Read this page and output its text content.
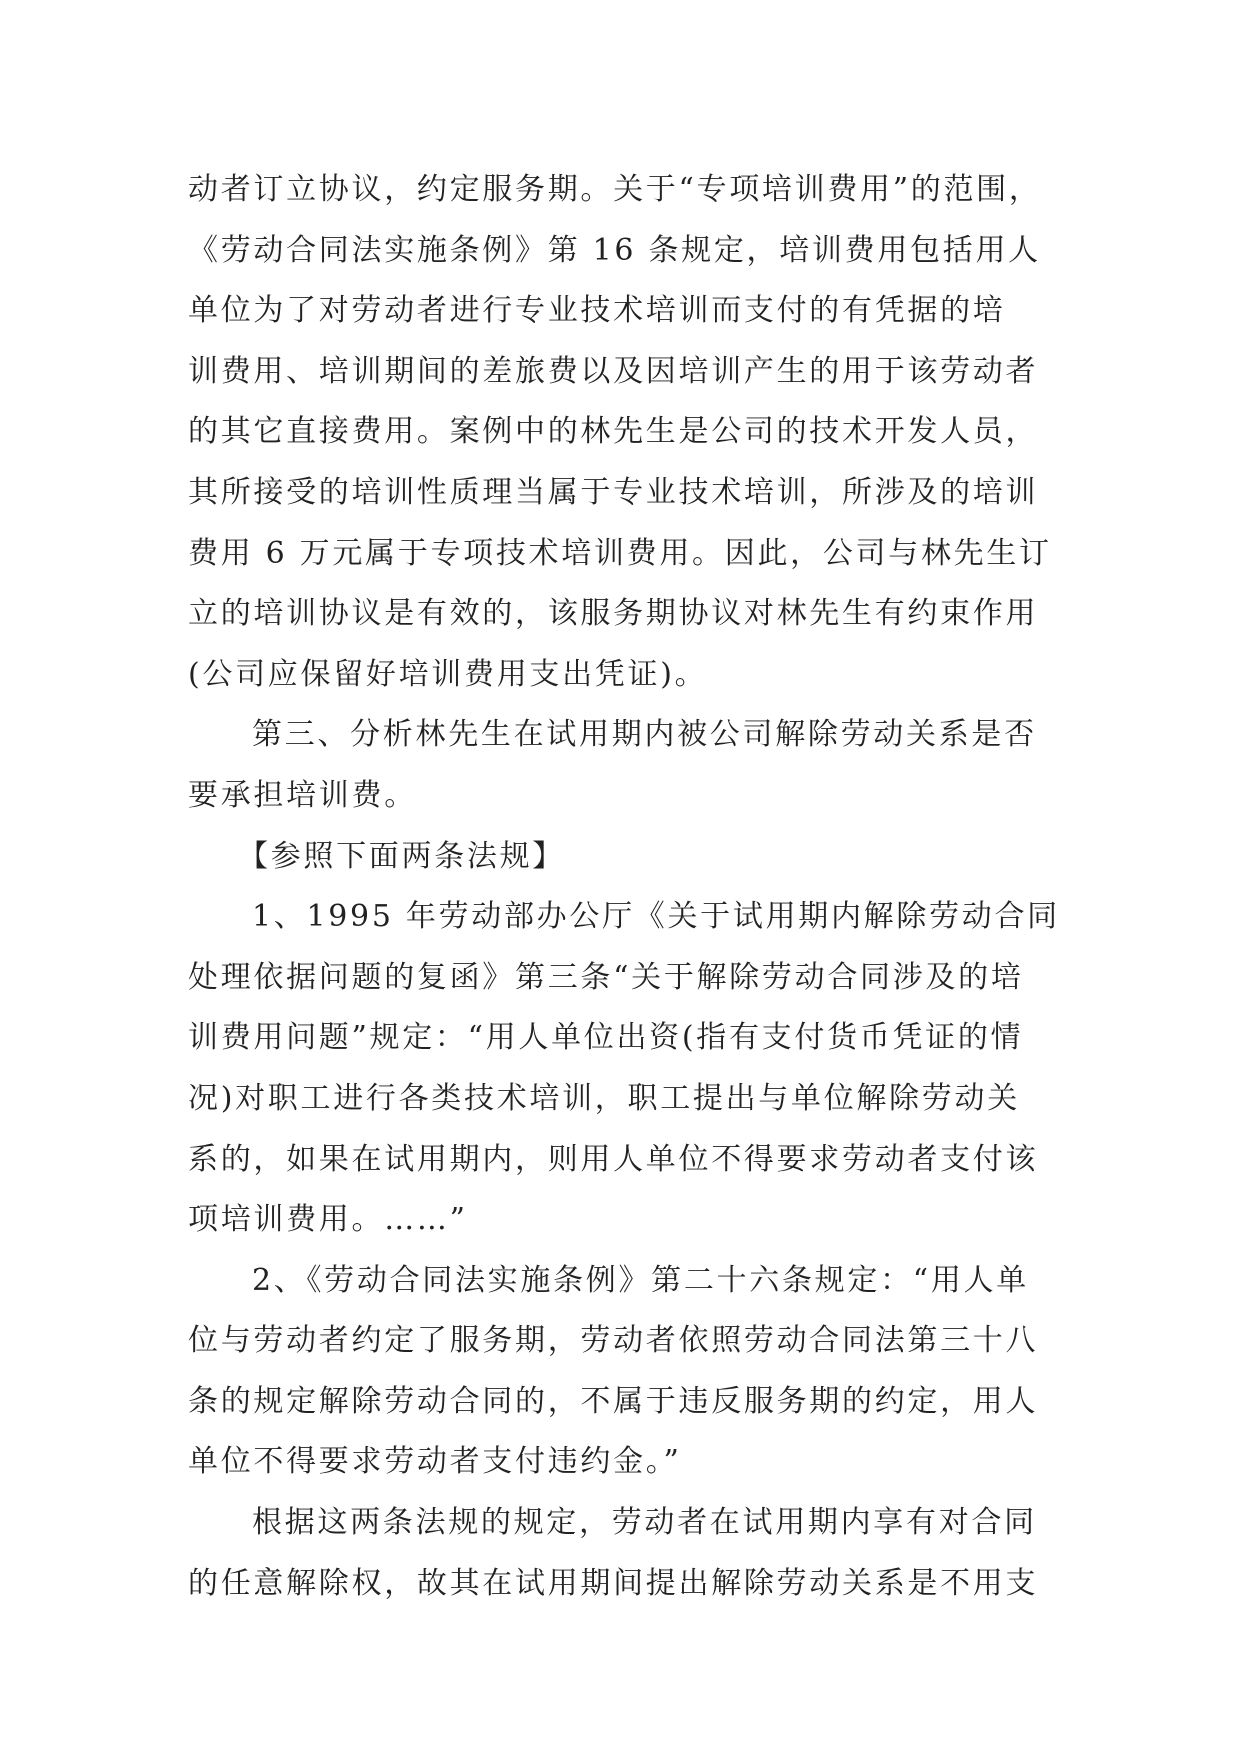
动者订立协议，约定服务期。关于“专项培训费用”的范围，
《劳动合同法实施条例》第 16 条规定，培训费用包括用人
单位为了对劳动者进行专业技术培训而支付的有凭据的培
训费用、培训期间的差旅费以及因培训产生的用于该劳动者
的其它直接费用。案例中的林先生是公司的技术开发人员，
其所接受的培训性质理当属于专业技术培训，所涉及的培训
费用 6 万元属于专项技术培训费用。因此，公司与林先生订
立的培训协议是有效的，该服务期协议对林先生有约束作用
(公司应保留好培训费用支出凭证)。
第三、分析林先生在试用期内被公司解除劳动关系是否
要承担培训费。
【参照下面两条法规】
1、1995 年劳动部办公厅《关于试用期内解除劳动合同
处理依据问题的复函》第三条“关于解除劳动合同涉及的培
训费用问题”规定：“用人单位出资(指有支付货币凭证的情
况)对职工进行各类技术培训，职工提出与单位解除劳动关
系的，如果在试用期内，则用人单位不得要求劳动者支付该
项培训费用。……”
2、《劳动合同法实施条例》第二十六条规定：“用人单
位与劳动者约定了服务期，劳动者依照劳动合同法第三十八
条的规定解除劳动合同的，不属于违反服务期的约定，用人
单位不得要求劳动者支付违约金。”
根据这两条法规的规定，劳动者在试用期内享有对合同
的任意解除权，故其在试用期间提出解除劳动关系是不用支
